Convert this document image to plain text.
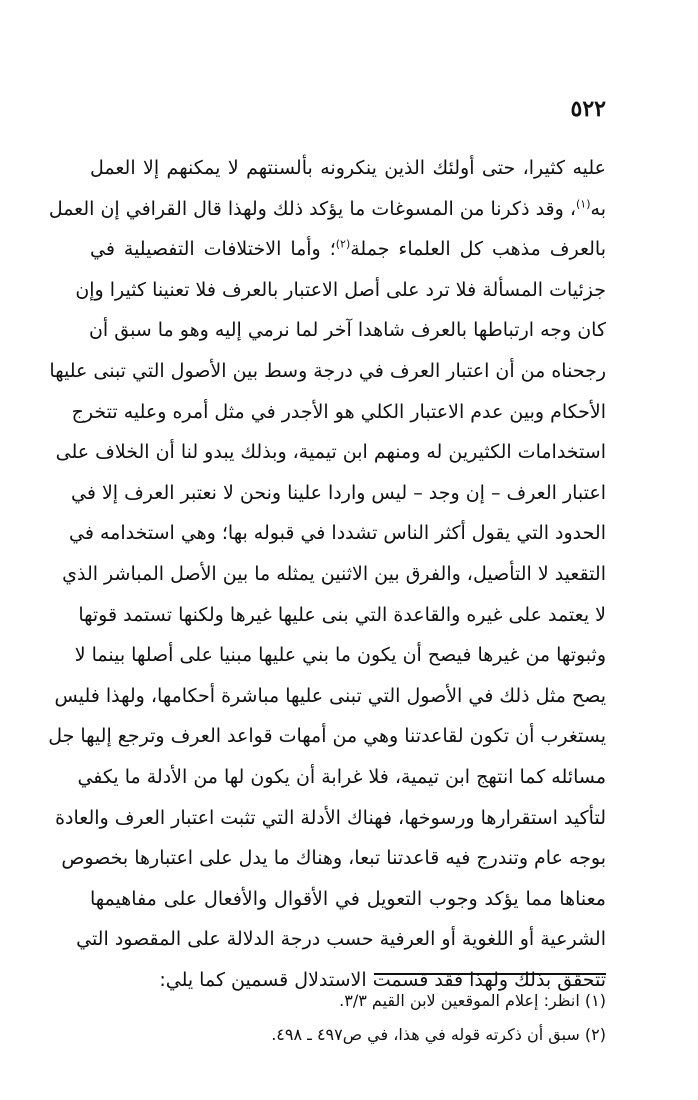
٥٢٢
عليه كثيرا، حتى أولئك الذين ينكرونه بألسنتهم لا يمكنهم إلا العمل
به$^{(١)}$، وقد ذكرنا من المسوغات ما يؤكد ذلك ولهذا قال القرافي إن العمل
بالعرف مذهب كل العلماء جملة$^{(٢)}$؛ وأما الاختلافات التفصيلية في
جزئيات المسألة فلا ترد على أصل الاعتبار بالعرف فلا تعنينا كثيرا وإن
كان وجه ارتباطها بالعرف شاهدا آخر لما نرمي إليه وهو ما سبق أن
رجحناه من أن اعتبار العرف في درجة وسط بين الأصول التي تبنى عليها
الأحكام وبين عدم الاعتبار الكلي هو الأجدر في مثل أمره وعليه تتخرج
استخدامات الكثيرين له ومنهم ابن تيمية، وبذلك يبدو لنا أن الخلاف على
اعتبار العرف – إن وجد – ليس واردا علينا ونحن لا نعتبر العرف إلا في
الحدود التي يقول أكثر الناس تشددا في قبوله بها؛ وهي استخدامه في
التقعيد لا التأصيل، والفرق بين الاثنين يمثله ما بين الأصل المباشر الذي
لا يعتمد على غيره والقاعدة التي بنى عليها غيرها ولكنها تستمد قوتها
وثبوتها من غيرها فيصح أن يكون ما بني عليها مبنيا على أصلها بينما لا
يصح مثل ذلك في الأصول التي تبنى عليها مباشرة أحكامها، ولهذا فليس
يستغرب أن تكون لقاعدتنا وهي من أمهات قواعد العرف وترجع إليها جل
مسائله كما انتهج ابن تيمية، فلا غرابة أن يكون لها من الأدلة ما يكفي
لتأكيد استقرارها ورسوخها، فهناك الأدلة التي تثبت اعتبار العرف والعادة
بوجه عام وتندرج فيه قاعدتنا تبعا، وهناك ما يدل على اعتبارها بخصوص
معناها مما يؤكد وجوب التعويل في الأقوال والأفعال على مفاهيمها
الشرعية أو اللغوية أو العرفية حسب درجة الدلالة على المقصود التي
تتحقق بذلك ولهذا فقد قسمت الاستدلال قسمين كما يلي:
(١) انظر: إعلام الموقعين لابن القيم ٣/٣.
(٢) سبق أن ذكرته قوله في هذا، في ص٤٩٧ ـ ٤٩٨.
